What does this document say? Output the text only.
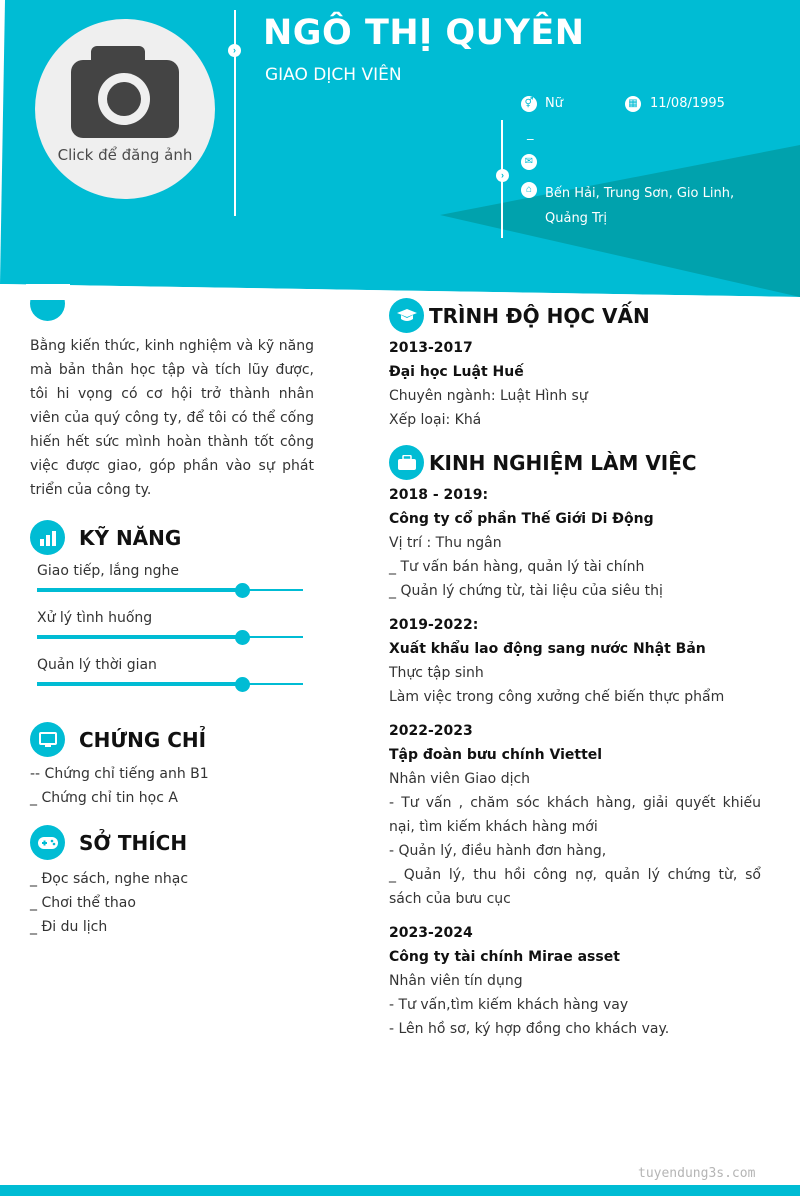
Click để đăng ảnh
› NGÔ THỊ QUYÊN
GIAO DỊCH VIÊN
⚥ Nữ	▦ 11/08/1995
›
_
✉
⌂ Bến Hải, Trung Sơn, Gio Linh, Quảng Trị
Bằng kiến thức, kinh nghiệm và kỹ năng mà bản thân học tập và tích lũy được, tôi hi vọng có cơ hội trở thành nhân viên của quý công ty, để tôi có thể cống hiến hết sức mình hoàn thành tốt công việc được giao, góp phần vào sự phát triển của công ty.
KỸ NĂNG
Giao tiếp, lắng nghe
Xử lý tình huống
Quản lý thời gian
CHỨNG CHỈ
-- Chứng chỉ tiếng anh B1
_ Chứng chỉ tin học A
SỞ THÍCH
_ Đọc sách, nghe nhạc
_ Chơi thể thao
_ Đi du lịch
TRÌNH ĐỘ HỌC VẤN
2013-2017
Đại học Luật Huế
Chuyên ngành: Luật Hình sự
Xếp loại: Khá
KINH NGHIỆM LÀM VIỆC
2018 - 2019:
Công ty cổ phần Thế Giới Di Động
Vị trí : Thu ngân
_ Tư vấn bán hàng, quản lý tài chính
_ Quản lý chứng từ, tài liệu của siêu thị
2019-2022:
Xuất khẩu lao động sang nước Nhật Bản
Thực tập sinh
Làm việc trong công xưởng chế biến thực phẩm
2022-2023
Tập đoàn bưu chính Viettel
Nhân viên Giao dịch
- Tư vấn , chăm sóc khách hàng, giải quyết khiếu nại, tìm kiếm khách hàng mới
- Quản lý, điều hành đơn hàng,
_ Quản lý, thu hồi công nợ, quản lý chứng từ, sổ sách của bưu cục
2023-2024
Công ty tài chính Mirae asset
Nhân viên tín dụng
- Tư vấn,tìm kiếm khách hàng vay
- Lên hồ sơ, ký hợp đồng cho khách vay.
tuyendung3s.com
